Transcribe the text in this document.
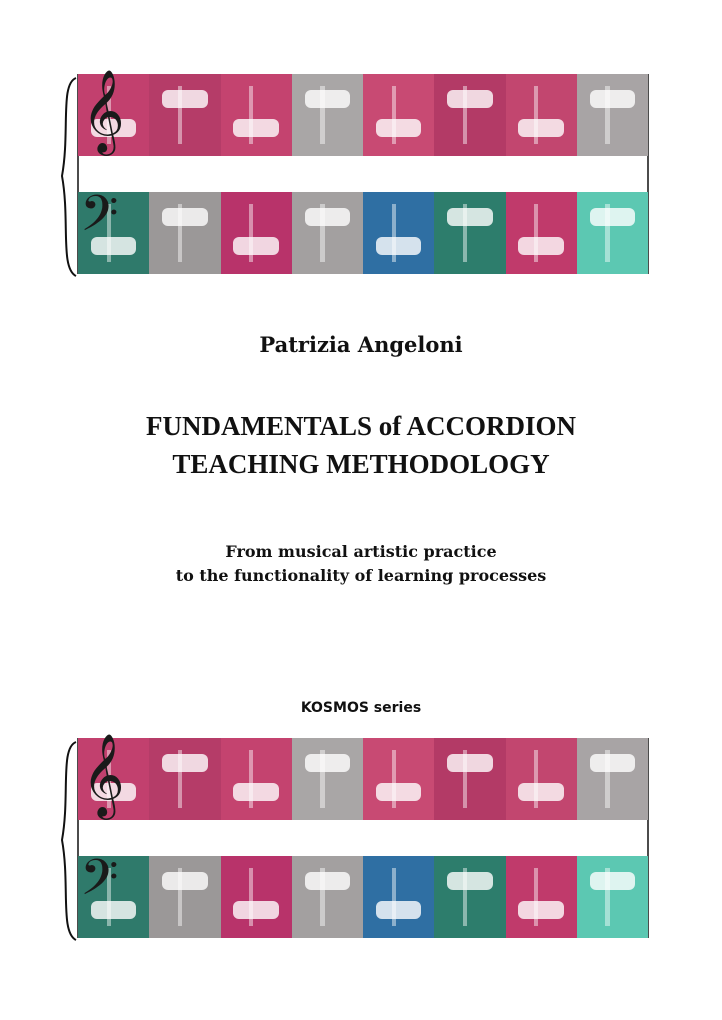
𝄞
𝄢
Patrizia Angeloni
FUNDAMENTALS of ACCORDION
TEACHING METHODOLOGY
From musical artistic practice
to the functionality of learning processes
KOSMOS series
𝄞
𝄢
